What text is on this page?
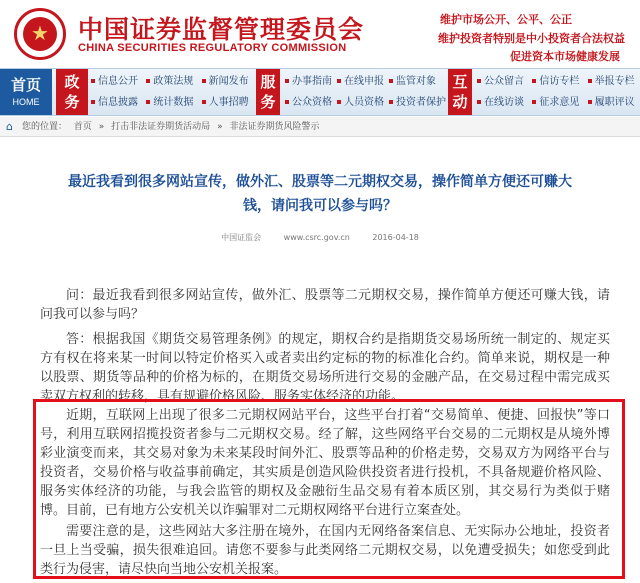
★	中国证券监督管理委员会
CHINA SECURITIES REGULATORY COMMISSION
维护市场公开、公平、公正
维护投资者特别是中小投资者合法权益
促进资本市场健康发展
首页
HOME
政
务
信息公开	政策法规	新闻发布
信息披露	统计数据	人事招聘
服
务
办事指南	在线申报	监管对象
公众资格	人员资格	投资者保护
互
动
公众留言	信访专栏	举报专栏
在线访谈	征求意见	履职评议
⌂ 您的位置： 首页 » 打击非法证券期货活动局 » 非法证券期货风险警示
最近我看到很多网站宣传，做外汇、股票等二元期权交易，操作简单方便还可赚大钱，请问我可以参与吗？
中国证监会	www.csrc.gov.cn	2016-04-18
问：最近我看到很多网站宣传，做外汇、股票等二元期权交易，操作简单方便还可赚大钱，请问我可以参与吗？
答：根据我国《期货交易管理条例》的规定，期权合约是指期货交易场所统一制定的、规定买方有权在将来某一时间以特定价格买入或者卖出约定标的物的标准化合约。简单来说，期权是一种以股票、期货等品种的价格为标的，在期货交易场所进行交易的金融产品，在交易过程中需完成买卖双方权利的转移，具有规避价格风险、服务实体经济的功能。
近期，互联网上出现了很多二元期权网站平台，这些平台打着“交易简单、便捷、回报快”等口号，利用互联网招揽投资者参与二元期权交易。经了解，这些网络平台交易的二元期权是从境外博彩业演变而来，其交易对象为未来某段时间外汇、股票等品种的价格走势，交易双方为网络平台与投资者，交易价格与收益事前确定，其实质是创造风险供投资者进行投机，不具备规避价格风险、服务实体经济的功能，与我会监管的期权及金融衍生品交易有着本质区别，其交易行为类似于赌博。目前，已有地方公安机关以诈骗罪对二元期权网络平台进行立案查处。
需要注意的是，这些网站大多注册在境外，在国内无网络备案信息、无实际办公地址，投资者一旦上当受骗，损失很难追回。请您不要参与此类网络二元期权交易，以免遭受损失；如您受到此类行为侵害，请尽快向当地公安机关报案。
